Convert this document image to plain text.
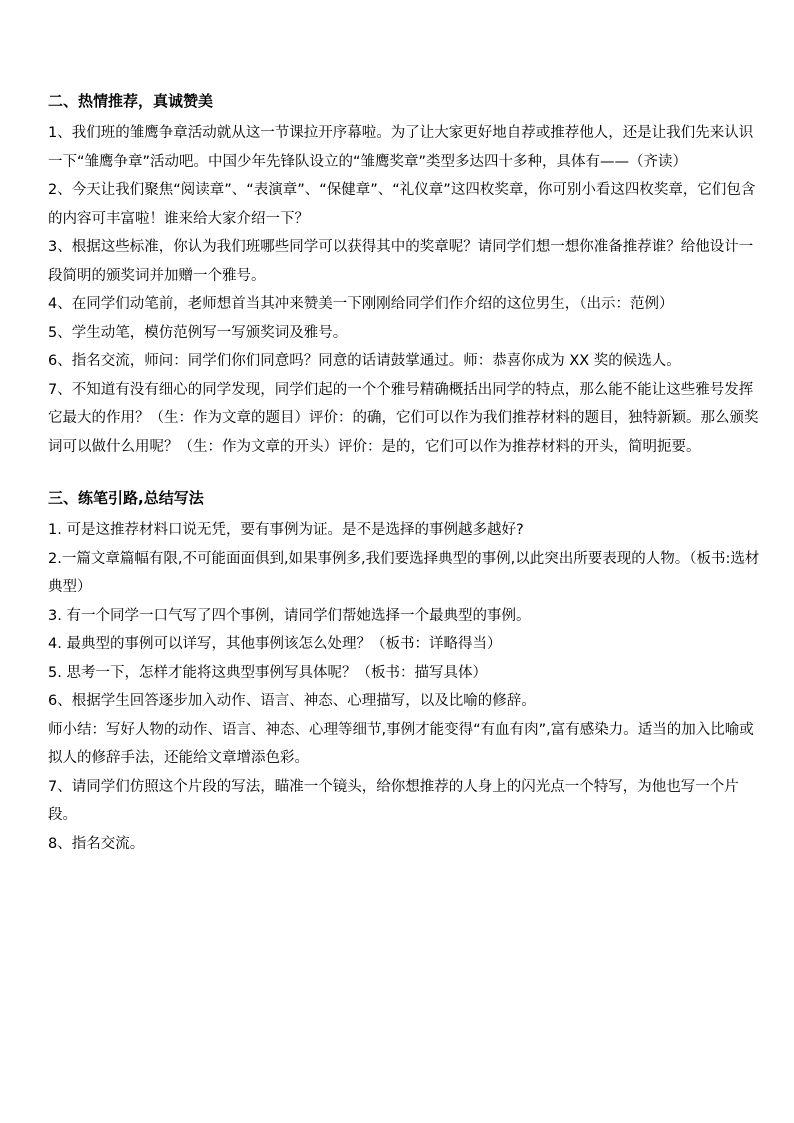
二、热情推荐，真诚赞美

1、我们班的雏鹰争章活动就从这一节课拉开序幕啦。为了让大家更好地自荐或推荐他人，还是让我们先来认识一下“雏鹰争章”活动吧。中国少年先锋队设立的“雏鹰奖章”类型多达四十多种，具体有——（齐读）

2、今天让我们聚焦“阅读章”、“表演章”、“保健章”、“礼仪章”这四枚奖章，你可别小看这四枚奖章，它们包含的内容可丰富啦！谁来给大家介绍一下？

3、根据这些标准，你认为我们班哪些同学可以获得其中的奖章呢？请同学们想一想你准备推荐谁？给他设计一段简明的颁奖词并加赠一个雅号。

4、在同学们动笔前，老师想首当其冲来赞美一下刚刚给同学们作介绍的这位男生，（出示：范例）

5、学生动笔，模仿范例写一写颁奖词及雅号。

6、指名交流，师问：同学们你们同意吗？同意的话请鼓掌通过。师：恭喜你成为 XX 奖的候选人。

7、不知道有没有细心的同学发现，同学们起的一个个雅号精确概括出同学的特点，那么能不能让这些雅号发挥它最大的作用？（生：作为文章的题目）评价：的确，它们可以作为我们推荐材料的题目，独特新颖。那么颁奖词可以做什么用呢？（生：作为文章的开头）评价：是的，它们可以作为推荐材料的开头，简明扼要。

三、练笔引路,总结写法

1. 可是这推荐材料口说无凭，要有事例为证。是不是选择的事例越多越好?

2.一篇文章篇幅有限,不可能面面俱到,如果事例多,我们要选择典型的事例,以此突出所要表现的人物。（板书:选材典型）

3. 有一个同学一口气写了四个事例，请同学们帮她选择一个最典型的事例。

4. 最典型的事例可以详写，其他事例该怎么处理？（板书：详略得当）

5. 思考一下，怎样才能将这典型事例写具体呢？（板书：描写具体）

6、根据学生回答逐步加入动作、语言、神态、心理描写，以及比喻的修辞。

师小结：写好人物的动作、语言、神态、心理等细节,事例才能变得“有血有肉”,富有感染力。适当的加入比喻或拟人的修辞手法，还能给文章增添色彩。

7、请同学们仿照这个片段的写法，瞄准一个镜头，给你想推荐的人身上的闪光点一个特写，为他也写一个片段。

8、指名交流。
